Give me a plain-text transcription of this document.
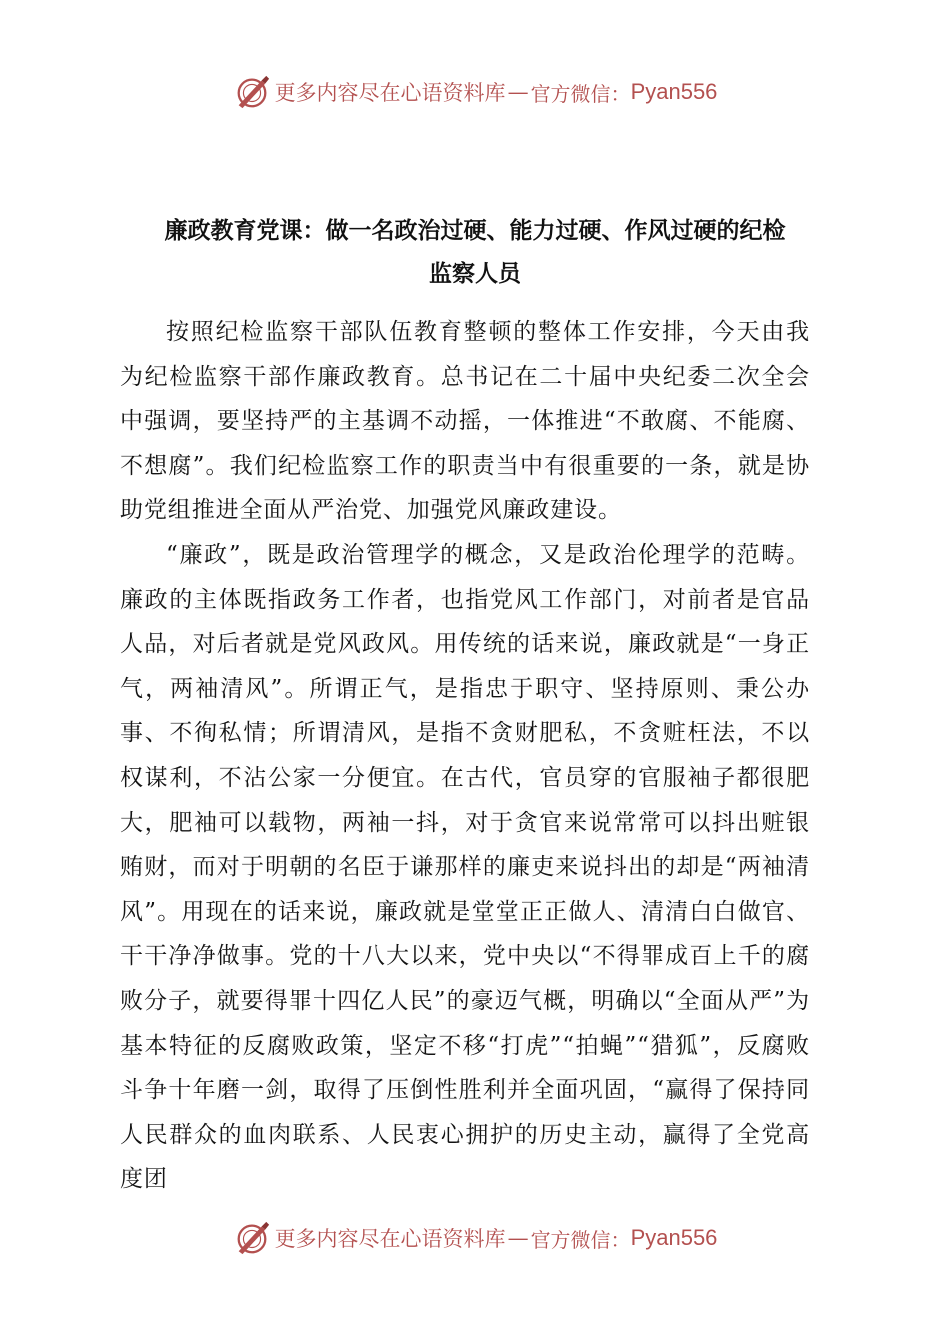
更多内容尽在心语资料库 — 官方微信： Pyan556
廉政教育党课：做一名政治过硬、能力过硬、作风过硬的纪检
监察人员

按照纪检监察干部队伍教育整顿的整体工作安排，今天由我为纪检监察干部作廉政教育。总书记在二十届中央纪委二次全会中强调，要坚持严的主基调不动摇，一体推进“不敢腐、不能腐、不想腐”。我们纪检监察工作的职责当中有很重要的一条，就是协助党组推进全面从严治党、加强党风廉政建设。

“廉政”，既是政治管理学的概念，又是政治伦理学的范畴。廉政的主体既指政务工作者，也指党风工作部门，对前者是官品人品，对后者就是党风政风。用传统的话来说，廉政就是“一身正气，两袖清风”。所谓正气，是指忠于职守、坚持原则、秉公办事、不徇私情；所谓清风，是指不贪财肥私，不贪赃枉法，不以权谋利，不沾公家一分便宜。在古代，官员穿的官服袖子都很肥大，肥袖可以载物，两袖一抖，对于贪官来说常常可以抖出赃银贿财，而对于明朝的名臣于谦那样的廉吏来说抖出的却是“两袖清风”。用现在的话来说，廉政就是堂堂正正做人、清清白白做官、干干净净做事。党的十八大以来，党中央以“不得罪成百上千的腐败分子，就要得罪十四亿人民”的豪迈气概，明确以“全面从严”为基本特征的反腐败政策，坚定不移“打虎”“拍蝇”“猎狐”，反腐败斗争十年磨一剑，取得了压倒性胜利并全面巩固，“赢得了保持同人民群众的血肉联系、人民衷心拥护的历史主动，赢得了全党高度团

更多内容尽在心语资料库 — 官方微信： Pyan556
